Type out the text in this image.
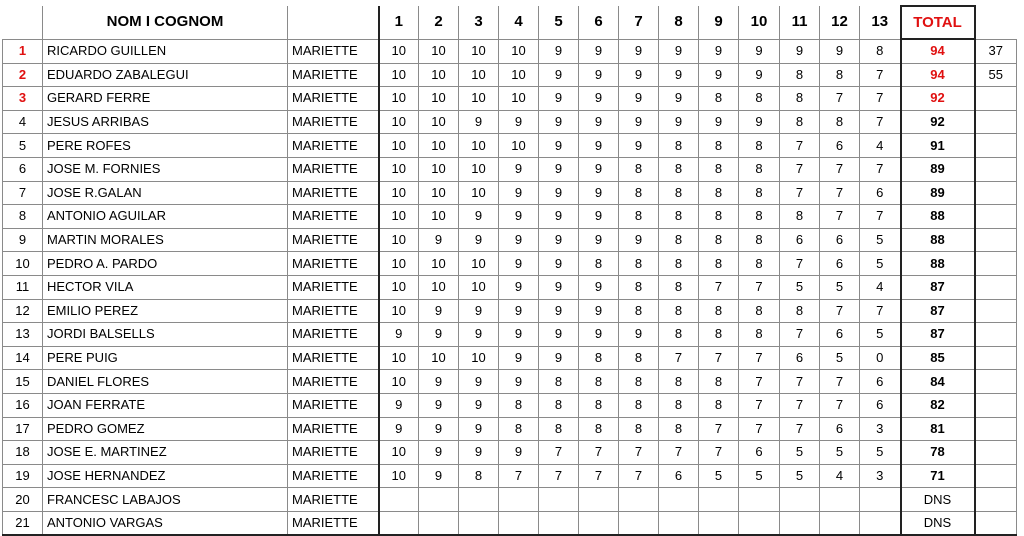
	NOM I COGNOM		1	2	3	4	5	6	7	8	9	10	11	12	13	TOTAL	
1	RICARDO GUILLEN	MARIETTE	10	10	10	10	9	9	9	9	9	9	9	9	8	94	37
2	EDUARDO ZABALEGUI	MARIETTE	10	10	10	10	9	9	9	9	9	9	8	8	7	94	55
3	GERARD FERRE	MARIETTE	10	10	10	10	9	9	9	9	8	8	8	7	7	92	
4	JESUS ARRIBAS	MARIETTE	10	10	9	9	9	9	9	9	9	9	8	8	7	92	
5	PERE ROFES	MARIETTE	10	10	10	10	9	9	9	8	8	8	7	6	4	91	
6	JOSE M. FORNIES	MARIETTE	10	10	10	9	9	9	8	8	8	8	7	7	7	89	
7	JOSE R.GALAN	MARIETTE	10	10	10	9	9	9	8	8	8	8	7	7	6	89	
8	ANTONIO AGUILAR	MARIETTE	10	10	9	9	9	9	8	8	8	8	8	7	7	88	
9	MARTIN MORALES	MARIETTE	10	9	9	9	9	9	9	8	8	8	6	6	5	88	
10	PEDRO A. PARDO	MARIETTE	10	10	10	9	9	8	8	8	8	8	7	6	5	88	
11	HECTOR VILA	MARIETTE	10	10	10	9	9	9	8	8	7	7	5	5	4	87	
12	EMILIO PEREZ	MARIETTE	10	9	9	9	9	9	8	8	8	8	8	7	7	87	
13	JORDI BALSELLS	MARIETTE	9	9	9	9	9	9	9	8	8	8	7	6	5	87	
14	PERE PUIG	MARIETTE	10	10	10	9	9	8	8	7	7	7	6	5	0	85	
15	DANIEL FLORES	MARIETTE	10	9	9	9	8	8	8	8	8	7	7	7	6	84	
16	JOAN FERRATE	MARIETTE	9	9	9	8	8	8	8	8	8	7	7	7	6	82	
17	PEDRO GOMEZ	MARIETTE	9	9	9	8	8	8	8	8	7	7	7	6	3	81	
18	JOSE E. MARTINEZ	MARIETTE	10	9	9	9	7	7	7	7	7	6	5	5	5	78	
19	JOSE HERNANDEZ	MARIETTE	10	9	8	7	7	7	7	6	5	5	5	4	3	71	
20	FRANCESC LABAJOS	MARIETTE														DNS	
21	ANTONIO VARGAS	MARIETTE														DNS	
